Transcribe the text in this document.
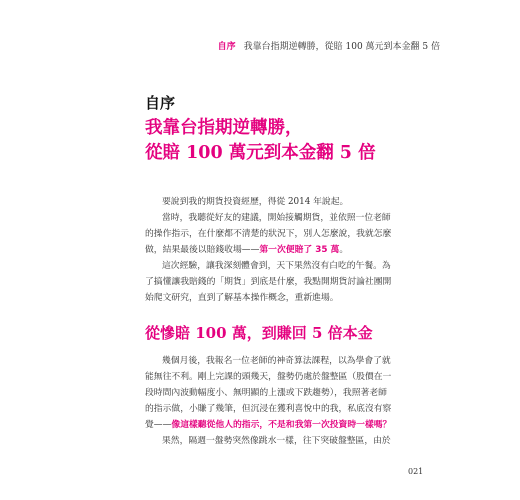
自序 我靠台指期逆轉勝，從賠 100 萬元到本金翻 5 倍
自序
我靠台指期逆轉勝，
從賠 100 萬元到本金翻 5 倍

要說到我的期貨投資經歷，得從 2014 年說起。

當時，我聽從好友的建議，開始接觸期貨，並依照一位老師

的操作指示，在什麼都不清楚的狀況下，別人怎麼說，我就怎麼

做，結果最後以賠錢收場——第一次便賠了 35 萬。

這次經驗，讓我深刻體會到，天下果然沒有白吃的午餐。為

了搞懂讓我賠錢的「期貨」到底是什麼，我點開期貨討論社團開

始爬文研究，直到了解基本操作概念，重新進場。

從慘賠 100 萬，到賺回 5 倍本金

幾個月後，我報名一位老師的神奇算法課程，以為學會了就

能無往不利。剛上完課的頭幾天，盤勢仍處於盤整區（股價在一

段時間內波動幅度小、無明顯的上漲或下跌趨勢），我照著老師

的指示做，小賺了幾筆，但沉浸在獲利喜悅中的我，私底沒有察

覺——像這樣聽從他人的指示，不是和我第一次投資時一樣嗎？

果然，隔週一盤勢突然像跳水一樣，往下突破盤整區，由於

021
